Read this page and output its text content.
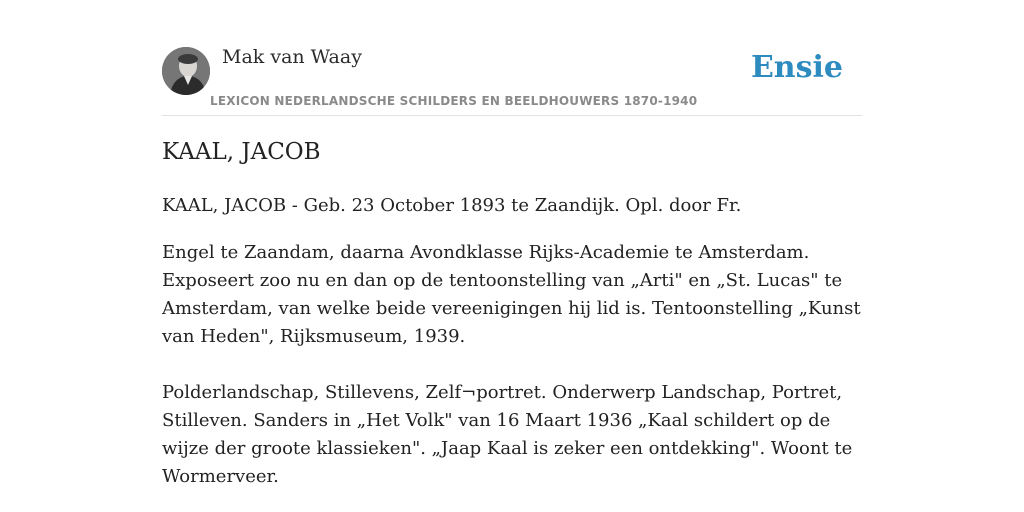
Mak van Waay
LEXICON NEDERLANDSCHE SCHILDERS EN BEELDHOUWERS 1870-1940
Ensie
KAAL, JACOB

KAAL, JACOB - Geb. 23 October 1893 te Zaandijk. Opl. door Fr.

Engel te Zaandam, daarna Avondklasse Rijks-Academie te Amsterdam. Exposeert zoo nu en dan op de tentoonstelling van „Arti" en „St. Lucas" te Amsterdam, van welke beide vereenigingen hij lid is. Tentoonstelling „Kunst van Heden", Rijksmuseum, 1939.

Polderlandschap, Stillevens, Zelf¬portret. Onderwerp Landschap, Portret, Stilleven. Sanders in „Het Volk" van 16 Maart 1936 „Kaal schildert op de wijze der groote klassieken". „Jaap Kaal is zeker een ontdekking". Woont te Wormerveer.
